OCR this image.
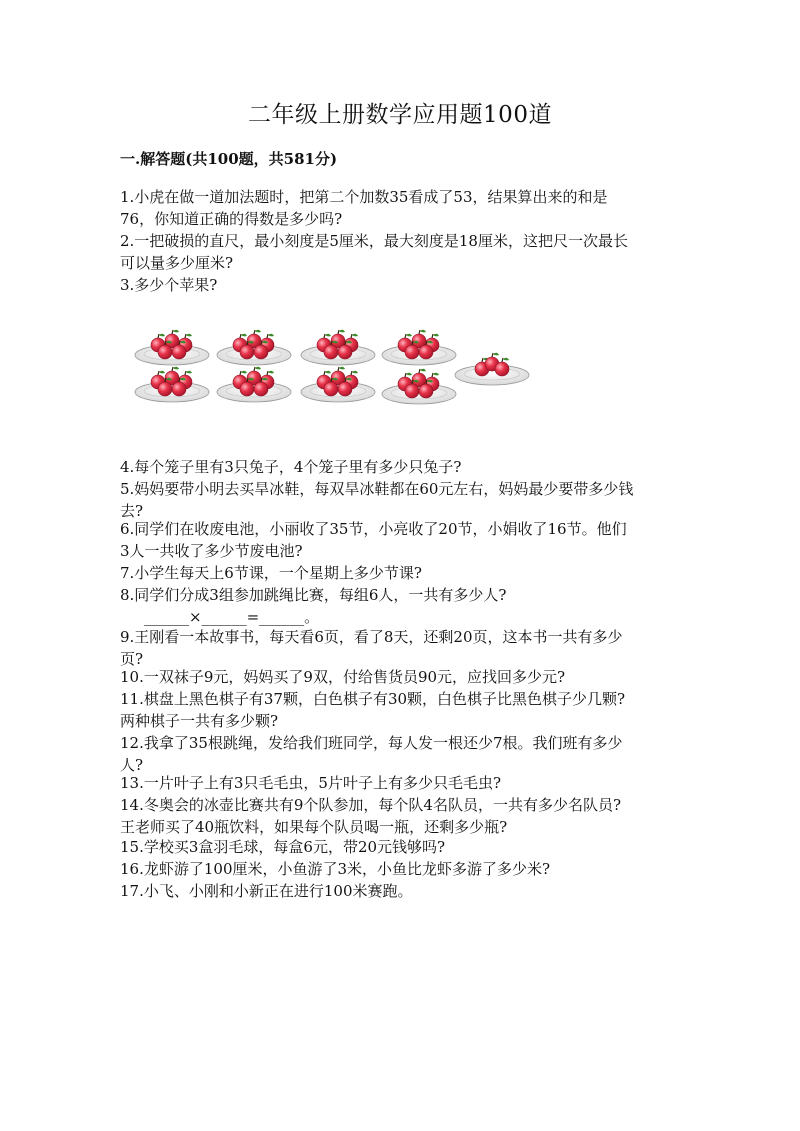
二年级上册数学应用题100道
一.解答题(共100题，共581分)
1.小虎在做一道加法题时，把第二个加数35看成了53，结果算出来的和是
76，你知道正确的得数是多少吗?
2.一把破损的直尺，最小刻度是5厘米，最大刻度是18厘米，这把尺一次最长
可以量多少厘米?
3.多少个苹果?
4.每个笼子里有3只兔子，4个笼子里有多少只兔子?
5.妈妈要带小明去买旱冰鞋，每双旱冰鞋都在60元左右，妈妈最少要带多少钱
去?
6.同学们在收废电池，小丽收了35节，小亮收了20节，小娟收了16节。他们
3人一共收了多少节废电池?
7.小学生每天上6节课，一个星期上多少节课?
8.同学们分成3组参加跳绳比赛，每组6人，一共有多少人?
______×______=______。
9.王刚看一本故事书，每天看6页，看了8天，还剩20页，这本书一共有多少
页?
10.一双袜子9元，妈妈买了9双，付给售货员90元，应找回多少元?
11.棋盘上黑色棋子有37颗，白色棋子有30颗，白色棋子比黑色棋子少几颗?
两种棋子一共有多少颗?
12.我拿了35根跳绳，发给我们班同学，每人发一根还少7根。我们班有多少
人?
13.一片叶子上有3只毛毛虫，5片叶子上有多少只毛毛虫?
14.冬奥会的冰壶比赛共有9个队参加，每个队4名队员，一共有多少名队员?
王老师买了40瓶饮料，如果每个队员喝一瓶，还剩多少瓶?
15.学校买3盒羽毛球，每盒6元，带20元钱够吗?
16.龙虾游了100厘米，小鱼游了3米，小鱼比龙虾多游了多少米?
17.小飞、小刚和小新正在进行100米赛跑。
